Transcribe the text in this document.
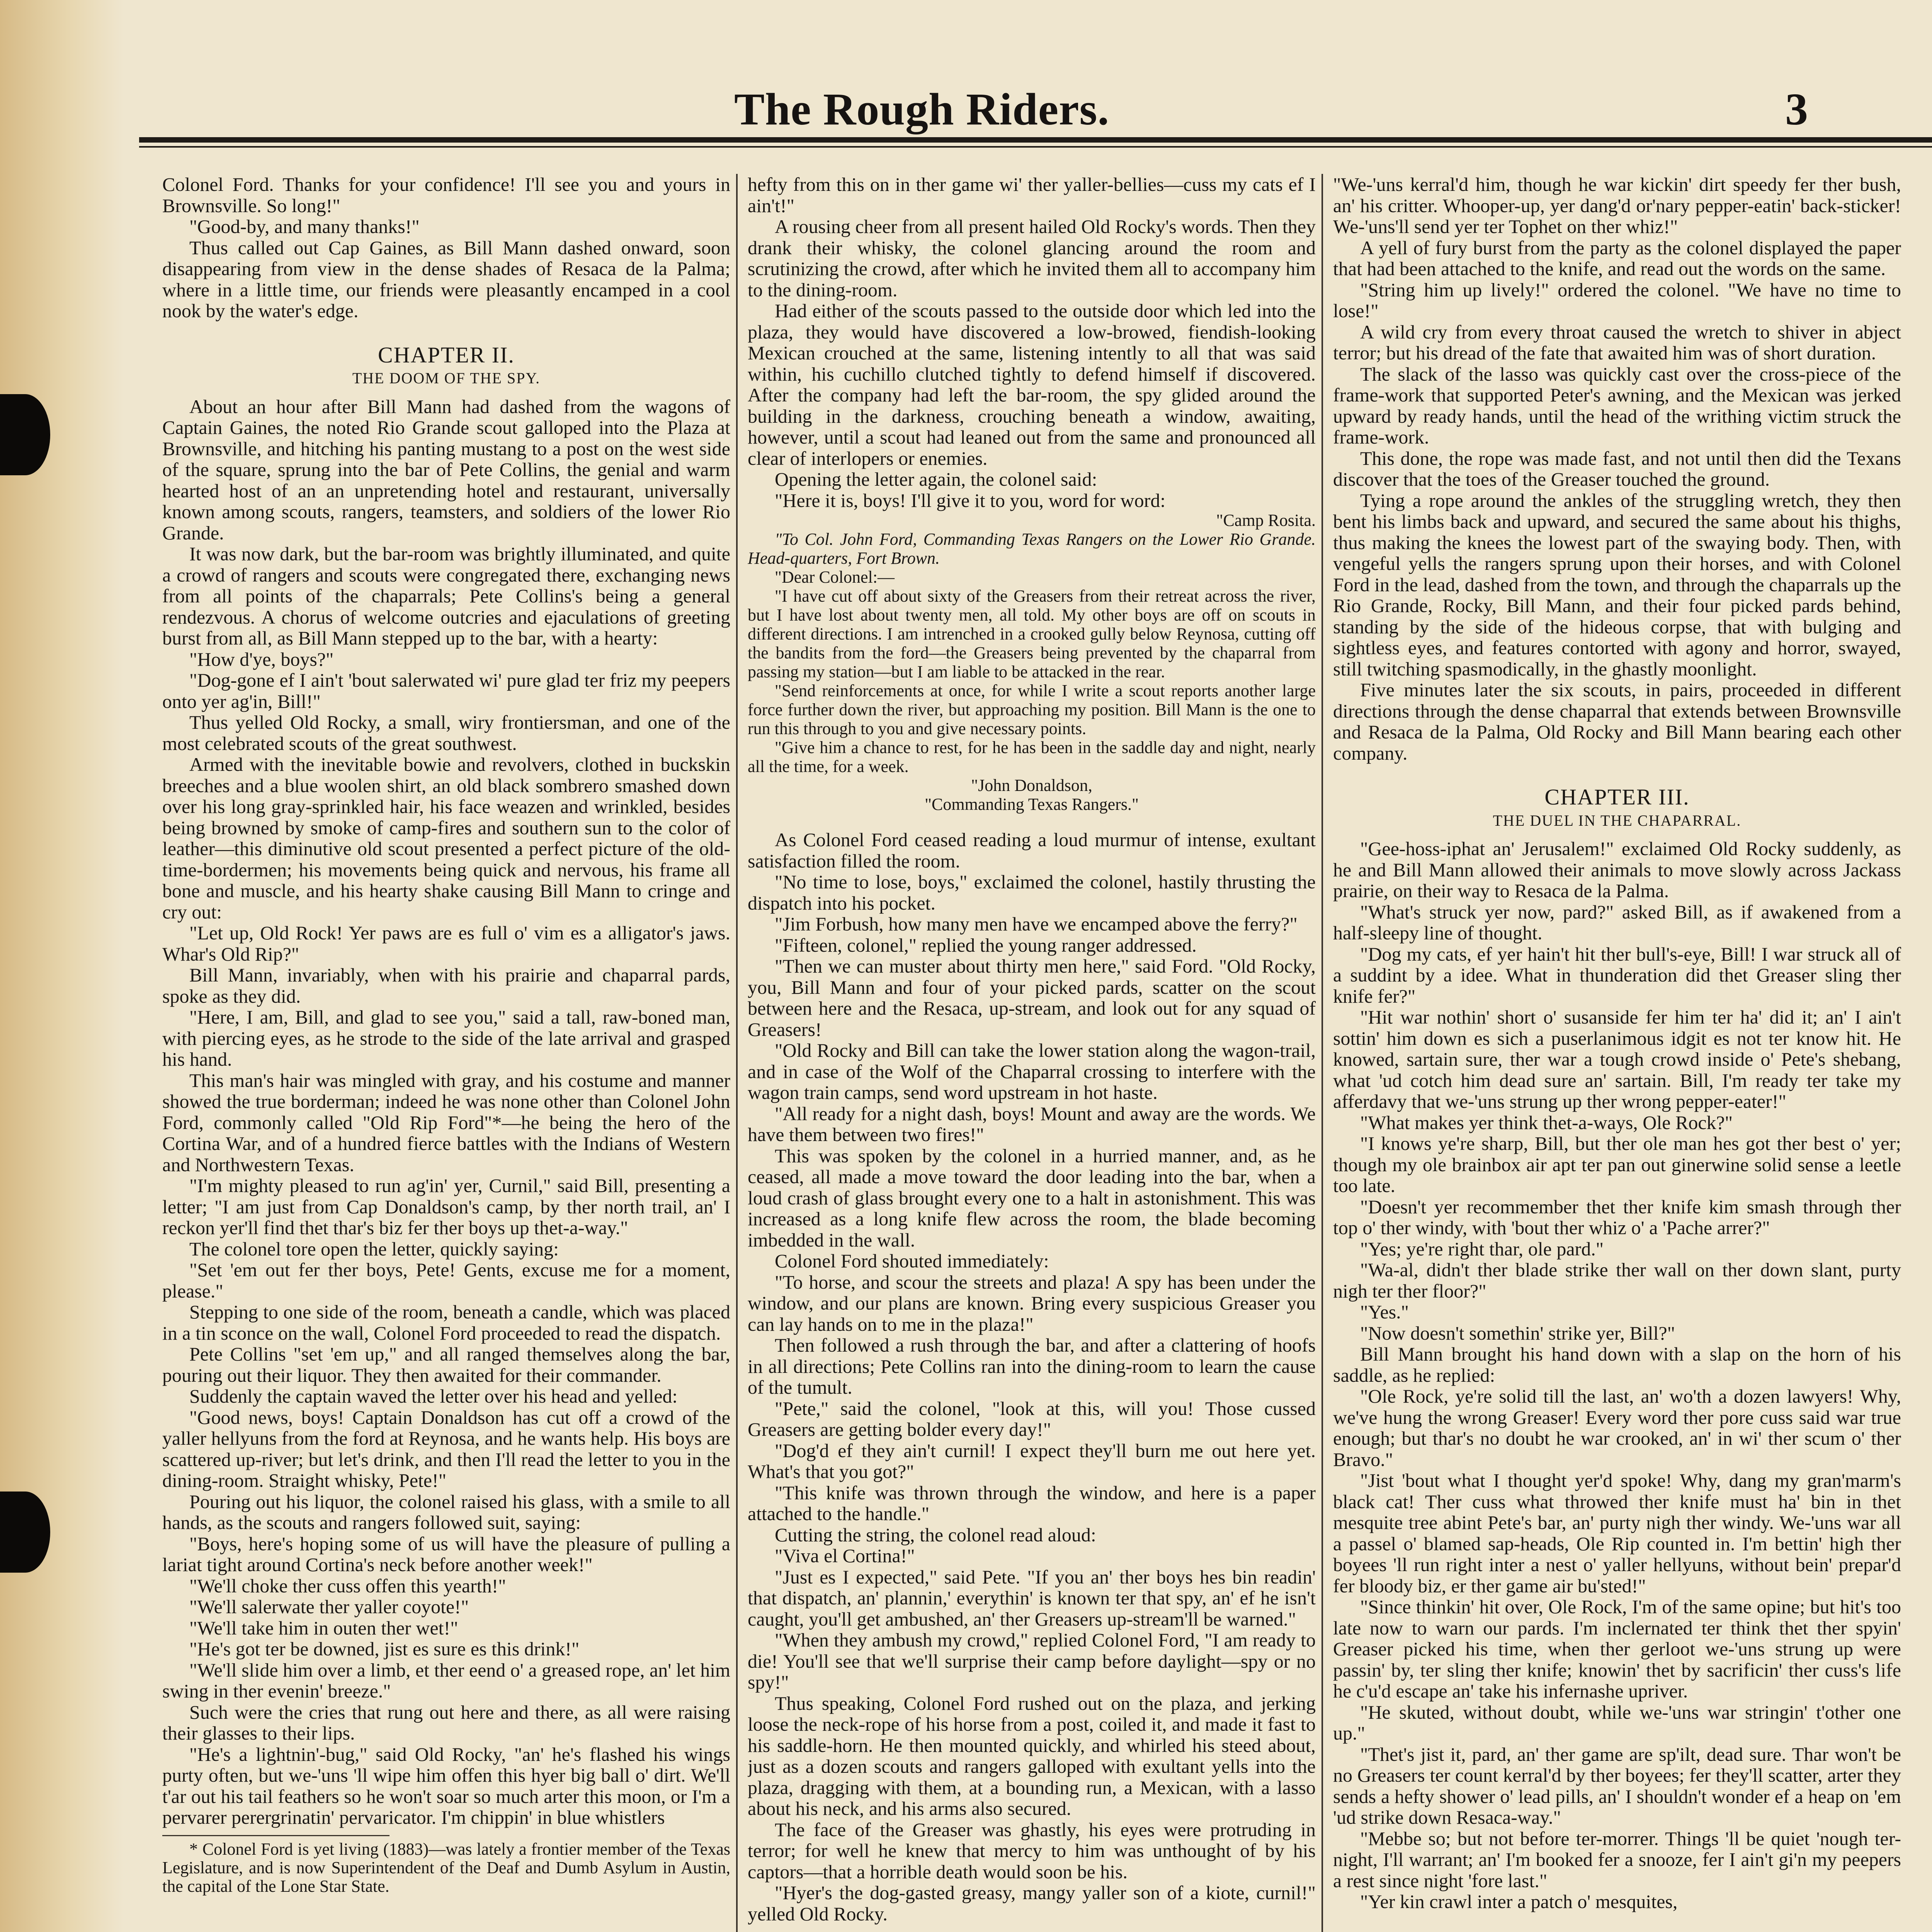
The Rough Riders.	3

Colonel Ford. Thanks for your confidence! I'll see you and yours in Brownsville. So long!"

"Good-by, and many thanks!"

Thus called out Cap Gaines, as Bill Mann dashed onward, soon disappearing from view in the dense shades of Resaca de la Palma; where in a little time, our friends were pleasantly encamped in a cool nook by the water's edge.

CHAPTER II.
THE DOOM OF THE SPY.

About an hour after Bill Mann had dashed from the wagons of Captain Gaines, the noted Rio Grande scout galloped into the Plaza at Brownsville, and hitching his panting mustang to a post on the west side of the square, sprung into the bar of Pete Collins, the genial and warm hearted host of an an unpretending hotel and restaurant, universally known among scouts, rangers, teamsters, and soldiers of the lower Rio Grande.

It was now dark, but the bar-room was brightly illuminated, and quite a crowd of rangers and scouts were congregated there, exchanging news from all points of the chaparrals; Pete Collins's being a general rendezvous. A chorus of welcome outcries and ejaculations of greeting burst from all, as Bill Mann stepped up to the bar, with a hearty:

"How d'ye, boys?"

"Dog-gone ef I ain't 'bout salerwated wi' pure glad ter friz my peepers onto yer ag'in, Bill!"

Thus yelled Old Rocky, a small, wiry frontiersman, and one of the most celebrated scouts of the great southwest.

Armed with the inevitable bowie and revolvers, clothed in buckskin breeches and a blue woolen shirt, an old black sombrero smashed down over his long gray-sprinkled hair, his face weazen and wrinkled, besides being browned by smoke of camp-fires and southern sun to the color of leather—this diminutive old scout presented a perfect picture of the old-time-bordermen; his movements being quick and nervous, his frame all bone and muscle, and his hearty shake causing Bill Mann to cringe and cry out:

"Let up, Old Rock! Yer paws are es full o' vim es a alligator's jaws. Whar's Old Rip?"

Bill Mann, invariably, when with his prairie and chaparral pards, spoke as they did.

"Here, I am, Bill, and glad to see you," said a tall, raw-boned man, with piercing eyes, as he strode to the side of the late arrival and grasped his hand.

This man's hair was mingled with gray, and his costume and manner showed the true borderman; indeed he was none other than Colonel John Ford, commonly called "Old Rip Ford"*—he being the hero of the Cortina War, and of a hundred fierce battles with the Indians of Western and Northwestern Texas.

"I'm mighty pleased to run ag'in' yer, Curnil," said Bill, presenting a letter; "I am just from Cap Donaldson's camp, by ther north trail, an' I reckon yer'll find thet thar's biz fer ther boys up thet-a-way."

The colonel tore open the letter, quickly saying:

"Set 'em out fer ther boys, Pete! Gents, excuse me for a moment, please."

Stepping to one side of the room, beneath a candle, which was placed in a tin sconce on the wall, Colonel Ford proceeded to read the dispatch.

Pete Collins "set 'em up," and all ranged themselves along the bar, pouring out their liquor. They then awaited for their commander.

Suddenly the captain waved the letter over his head and yelled:

"Good news, boys! Captain Donaldson has cut off a crowd of the yaller hellyuns from the ford at Reynosa, and he wants help. His boys are scattered up-river; but let's drink, and then I'll read the letter to you in the dining-room. Straight whisky, Pete!"

Pouring out his liquor, the colonel raised his glass, with a smile to all hands, as the scouts and rangers followed suit, saying:

"Boys, here's hoping some of us will have the pleasure of pulling a lariat tight around Cortina's neck before another week!"

"We'll choke ther cuss offen this yearth!"

"We'll salerwate ther yaller coyote!"

"We'll take him in outen ther wet!"

"He's got ter be downed, jist es sure es this drink!"

"We'll slide him over a limb, et ther eend o' a greased rope, an' let him swing in ther evenin' breeze."

Such were the cries that rung out here and there, as all were raising their glasses to their lips.

"He's a lightnin'-bug," said Old Rocky, "an' he's flashed his wings purty often, but we-'uns 'll wipe him offen this hyer big ball o' dirt. We'll t'ar out his tail feathers so he won't soar so much arter this moon, or I'm a pervarer perergrinatin' pervaricator. I'm chippin' in blue whistlers

* Colonel Ford is yet living (1883)—was lately a frontier member of the Texas Legislature, and is now Superintendent of the Deaf and Dumb Asylum in Austin, the capital of the Lone Star State.

hefty from this on in ther game wi' ther yaller-bellies—cuss my cats ef I ain't!"

A rousing cheer from all present hailed Old Rocky's words. Then they drank their whisky, the colonel glancing around the room and scrutinizing the crowd, after which he invited them all to accompany him to the dining-room.

Had either of the scouts passed to the outside door which led into the plaza, they would have discovered a low-browed, fiendish-looking Mexican crouched at the same, listening intently to all that was said within, his cuchillo clutched tightly to defend himself if discovered. After the company had left the bar-room, the spy glided around the building in the darkness, crouching beneath a window, awaiting, however, until a scout had leaned out from the same and pronounced all clear of interlopers or enemies.

Opening the letter again, the colonel said:

"Here it is, boys! I'll give it to you, word for word:

"Camp Rosita.

"To Col. John Ford, Commanding Texas Rangers on the Lower Rio Grande. Head-quarters, Fort Brown.

"Dear Colonel:—

"I have cut off about sixty of the Greasers from their retreat across the river, but I have lost about twenty men, all told. My other boys are off on scouts in different directions. I am intrenched in a crooked gully below Reynosa, cutting off the bandits from the ford—the Greasers being prevented by the chaparral from passing my station—but I am liable to be attacked in the rear.

"Send reinforcements at once, for while I write a scout reports another large force further down the river, but approaching my position. Bill Mann is the one to run this through to you and give necessary points.

"Give him a chance to rest, for he has been in the saddle day and night, nearly all the time, for a week.

"John Donaldson,

"Commanding Texas Rangers."

As Colonel Ford ceased reading a loud murmur of intense, exultant satisfaction filled the room.

"No time to lose, boys," exclaimed the colonel, hastily thrusting the dispatch into his pocket.

"Jim Forbush, how many men have we encamped above the ferry?"

"Fifteen, colonel," replied the young ranger addressed.

"Then we can muster about thirty men here," said Ford. "Old Rocky, you, Bill Mann and four of your picked pards, scatter on the scout between here and the Resaca, up-stream, and look out for any squad of Greasers!

"Old Rocky and Bill can take the lower station along the wagon-trail, and in case of the Wolf of the Chaparral crossing to interfere with the wagon train camps, send word upstream in hot haste.

"All ready for a night dash, boys! Mount and away are the words. We have them between two fires!"

This was spoken by the colonel in a hurried manner, and, as he ceased, all made a move toward the door leading into the bar, when a loud crash of glass brought every one to a halt in astonishment. This was increased as a long knife flew across the room, the blade becoming imbedded in the wall.

Colonel Ford shouted immediately:

"To horse, and scour the streets and plaza! A spy has been under the window, and our plans are known. Bring every suspicious Greaser you can lay hands on to me in the plaza!"

Then followed a rush through the bar, and after a clattering of hoofs in all directions; Pete Collins ran into the dining-room to learn the cause of the tumult.

"Pete," said the colonel, "look at this, will you! Those cussed Greasers are getting bolder every day!"

"Dog'd ef they ain't curnil! I expect they'll burn me out here yet. What's that you got?"

"This knife was thrown through the window, and here is a paper attached to the handle."

Cutting the string, the colonel read aloud:

"Viva el Cortina!"

"Just es I expected," said Pete. "If you an' ther boys hes bin readin' that dispatch, an' plannin,' everythin' is known ter that spy, an' ef he isn't caught, you'll get ambushed, an' ther Greasers up-stream'll be warned."

"When they ambush my crowd," replied Colonel Ford, "I am ready to die! You'll see that we'll surprise their camp before daylight—spy or no spy!"

Thus speaking, Colonel Ford rushed out on the plaza, and jerking loose the neck-rope of his horse from a post, coiled it, and made it fast to his saddle-horn. He then mounted quickly, and whirled his steed about, just as a dozen scouts and rangers galloped with exultant yells into the plaza, dragging with them, at a bounding run, a Mexican, with a lasso about his neck, and his arms also secured.

The face of the Greaser was ghastly, his eyes were protruding in terror; for well he knew that mercy to him was unthought of by his captors—that a horrible death would soon be his.

"Hyer's the dog-gasted greasy, mangy yaller son of a kiote, curnil!" yelled Old Rocky.

"We-'uns kerral'd him, though he war kickin' dirt speedy fer ther bush, an' his critter. Whooper-up, yer dang'd or'nary pepper-eatin' back-sticker! We-'uns'll send yer ter Tophet on ther whiz!"

A yell of fury burst from the party as the colonel displayed the paper that had been attached to the knife, and read out the words on the same.

"String him up lively!" ordered the colonel. "We have no time to lose!"

A wild cry from every throat caused the wretch to shiver in abject terror; but his dread of the fate that awaited him was of short duration.

The slack of the lasso was quickly cast over the cross-piece of the frame-work that supported Peter's awning, and the Mexican was jerked upward by ready hands, until the head of the writhing victim struck the frame-work.

This done, the rope was made fast, and not until then did the Texans discover that the toes of the Greaser touched the ground.

Tying a rope around the ankles of the struggling wretch, they then bent his limbs back and upward, and secured the same about his thighs, thus making the knees the lowest part of the swaying body. Then, with vengeful yells the rangers sprung upon their horses, and with Colonel Ford in the lead, dashed from the town, and through the chaparrals up the Rio Grande, Rocky, Bill Mann, and their four picked pards behind, standing by the side of the hideous corpse, that with bulging and sightless eyes, and features contorted with agony and horror, swayed, still twitching spasmodically, in the ghastly moonlight.

Five minutes later the six scouts, in pairs, proceeded in different directions through the dense chaparral that extends between Brownsville and Resaca de la Palma, Old Rocky and Bill Mann bearing each other company.

CHAPTER III.
THE DUEL IN THE CHAPARRAL.

"Gee-hoss-iphat an' Jerusalem!" exclaimed Old Rocky suddenly, as he and Bill Mann allowed their animals to move slowly across Jackass prairie, on their way to Resaca de la Palma.

"What's struck yer now, pard?" asked Bill, as if awakened from a half-sleepy line of thought.

"Dog my cats, ef yer hain't hit ther bull's-eye, Bill! I war struck all of a suddint by a idee. What in thunderation did thet Greaser sling ther knife fer?"

"Hit war nothin' short o' susanside fer him ter ha' did it; an' I ain't sottin' him down es sich a puserlanimous idgit es not ter know hit. He knowed, sartain sure, ther war a tough crowd inside o' Pete's shebang, what 'ud cotch him dead sure an' sartain. Bill, I'm ready ter take my afferdavy that we-'uns strung up ther wrong pepper-eater!"

"What makes yer think thet-a-ways, Ole Rock?"

"I knows ye're sharp, Bill, but ther ole man hes got ther best o' yer; though my ole brainbox air apt ter pan out ginerwine solid sense a leetle too late.

"Doesn't yer recommember thet ther knife kim smash through ther top o' ther windy, with 'bout ther whiz o' a 'Pache arrer?"

"Yes; ye're right thar, ole pard."

"Wa-al, didn't ther blade strike ther wall on ther down slant, purty nigh ter ther floor?"

"Yes."

"Now doesn't somethin' strike yer, Bill?"

Bill Mann brought his hand down with a slap on the horn of his saddle, as he replied:

"Ole Rock, ye're solid till the last, an' wo'th a dozen lawyers! Why, we've hung the wrong Greaser! Every word ther pore cuss said war true enough; but thar's no doubt he war crooked, an' in wi' ther scum o' ther Bravo."

"Jist 'bout what I thought yer'd spoke! Why, dang my gran'marm's black cat! Ther cuss what throwed ther knife must ha' bin in thet mesquite tree abint Pete's bar, an' purty nigh ther windy. We-'uns war all a passel o' blamed sap-heads, Ole Rip counted in. I'm bettin' high ther boyees 'll run right inter a nest o' yaller hellyuns, without bein' prepar'd fer bloody biz, er ther game air bu'sted!"

"Since thinkin' hit over, Ole Rock, I'm of the same opine; but hit's too late now to warn our pards. I'm inclernated ter think thet ther spyin' Greaser picked his time, when ther gerloot we-'uns strung up were passin' by, ter sling ther knife; knowin' thet by sacrificin' ther cuss's life he c'u'd escape an' take his infernashe upriver.

"He skuted, without doubt, while we-'uns war stringin' t'other one up."

"Thet's jist it, pard, an' ther game are sp'ilt, dead sure. Thar won't be no Greasers ter count kerral'd by ther boyees; fer they'll scatter, arter they sends a hefty shower o' lead pills, an' I shouldn't wonder ef a heap on 'em 'ud strike down Resaca-way."

"Mebbe so; but not before ter-morrer. Things 'll be quiet 'nough ter-night, I'll warrant; an' I'm booked fer a snooze, fer I ain't gi'n my peepers a rest since night 'fore last."

"Yer kin crawl inter a patch o' mesquites,
